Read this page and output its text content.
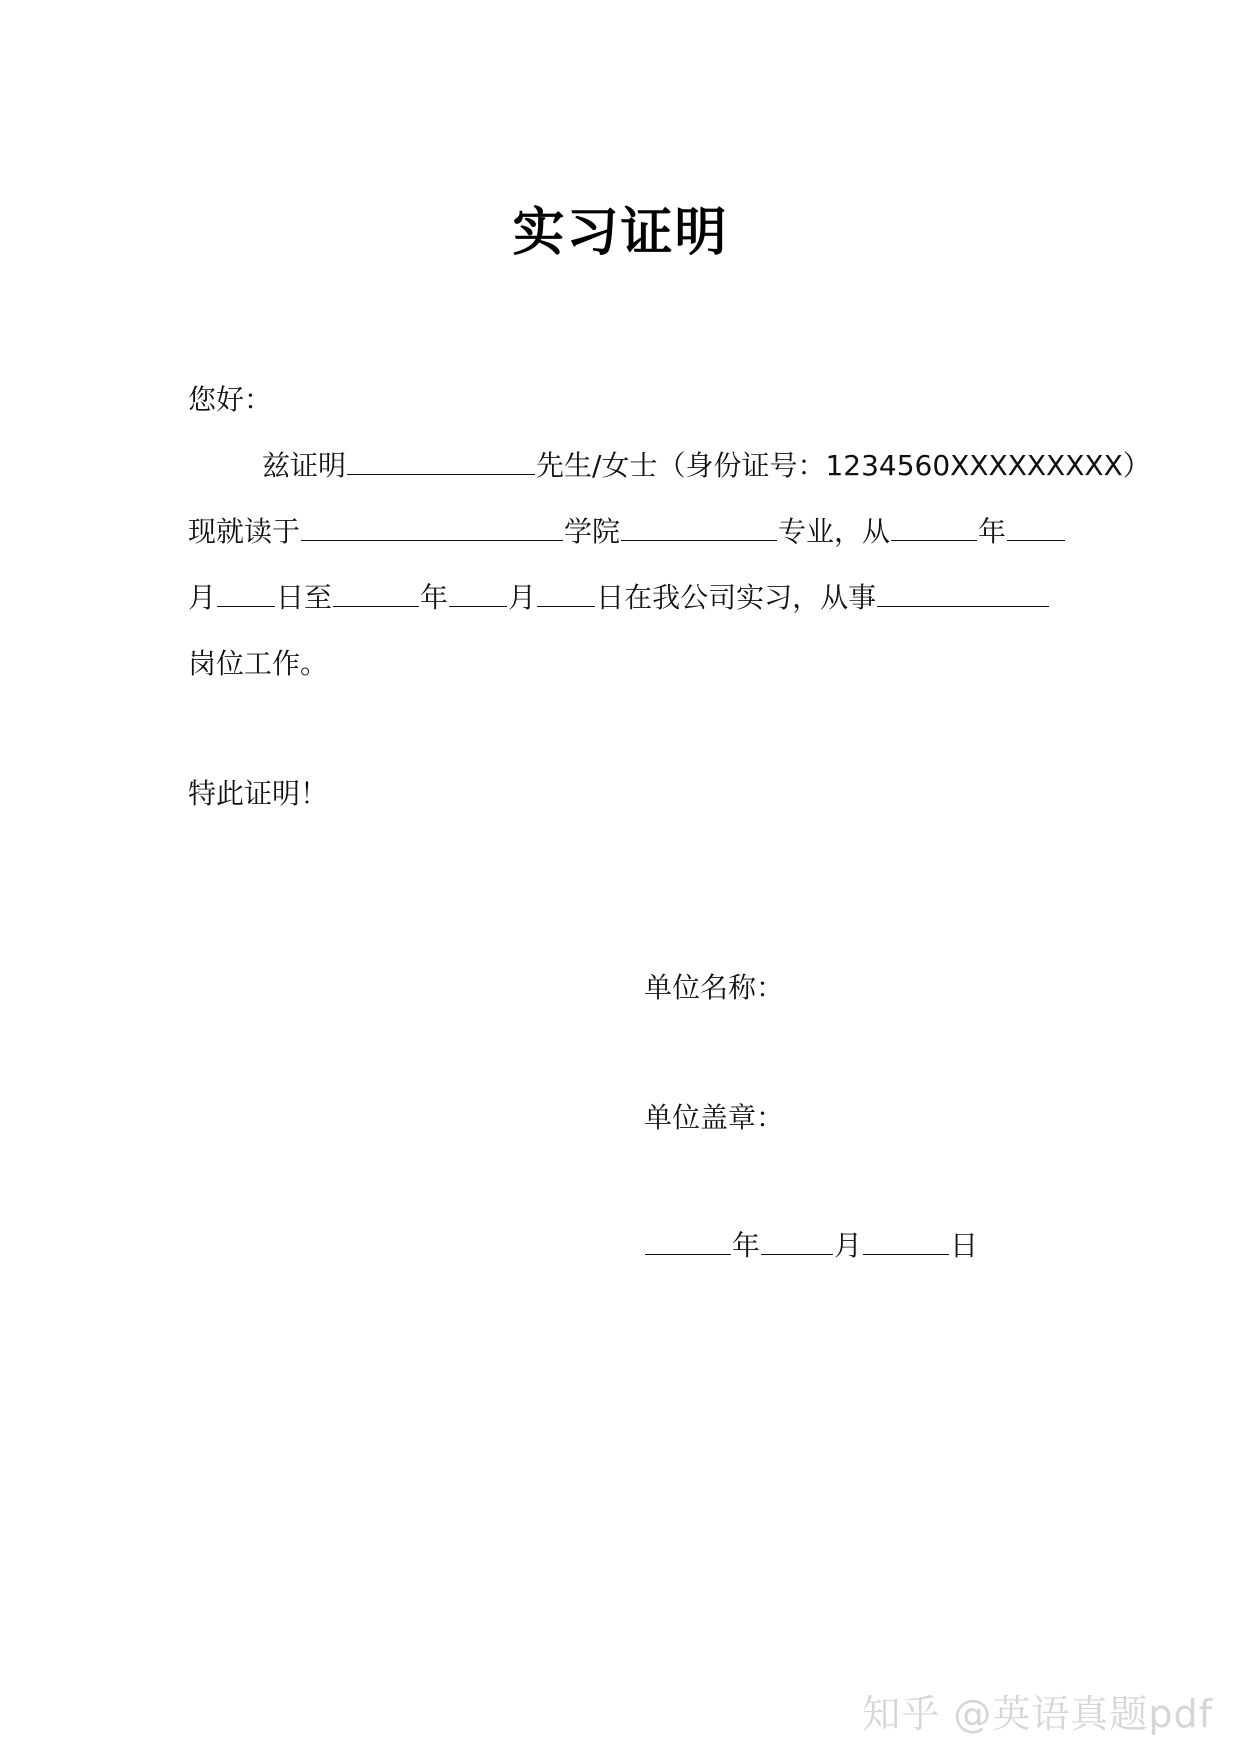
实习证明
您好：
兹证明	先生/女士（身份证号：1234560XXXXXXXXX）
现就读于	学院	专业，从	年
月 日至	年 月 日在我公司实习，从事
岗位工作。
特此证明！
单位名称：
单位盖章：
年	月	日
知乎 @英语真题pdf
